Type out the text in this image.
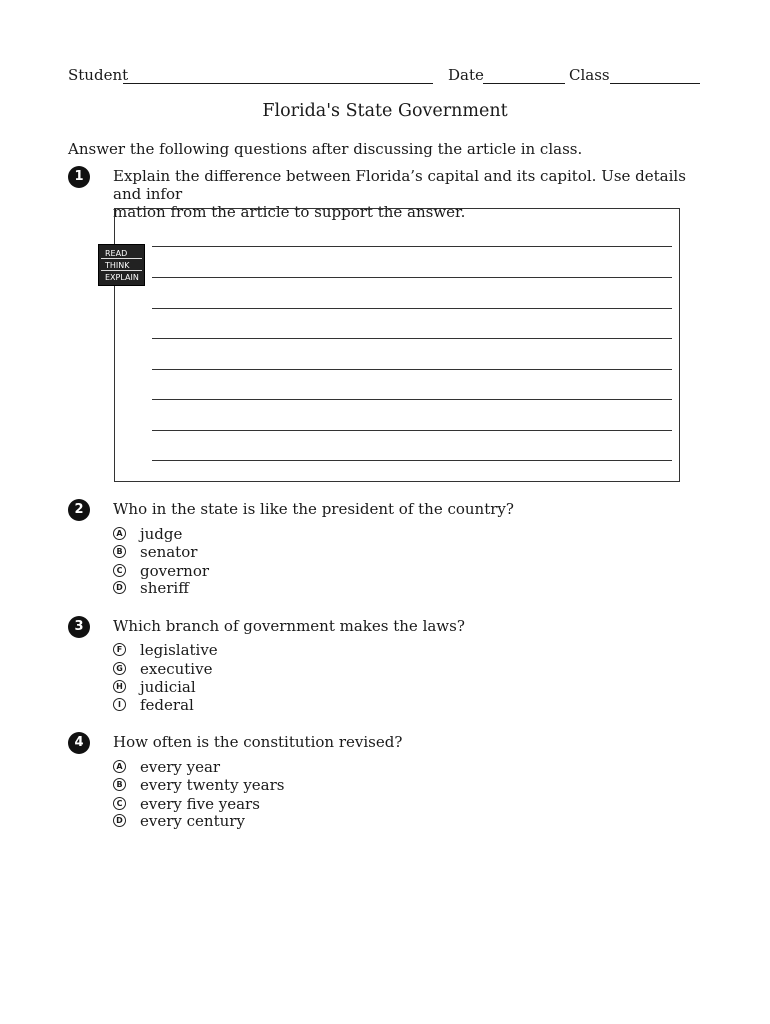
Student	Date	Class
Florida's State Government
Answer the following questions after discussing the article in class.
1	Explain the difference between Florida’s capital and its capitol. Use details and infor
mation from the article to support the answer.
READ
THINK
EXPLAIN
2	Who in the state is like the president of the country?
A judge
B senator
C governor
D sheriff
3	Which branch of government makes the laws?
F legislative
G executive
H judicial
I	federal
4	How often is the constitution revised?
A every year
B every twenty years
C every five years
D every century
